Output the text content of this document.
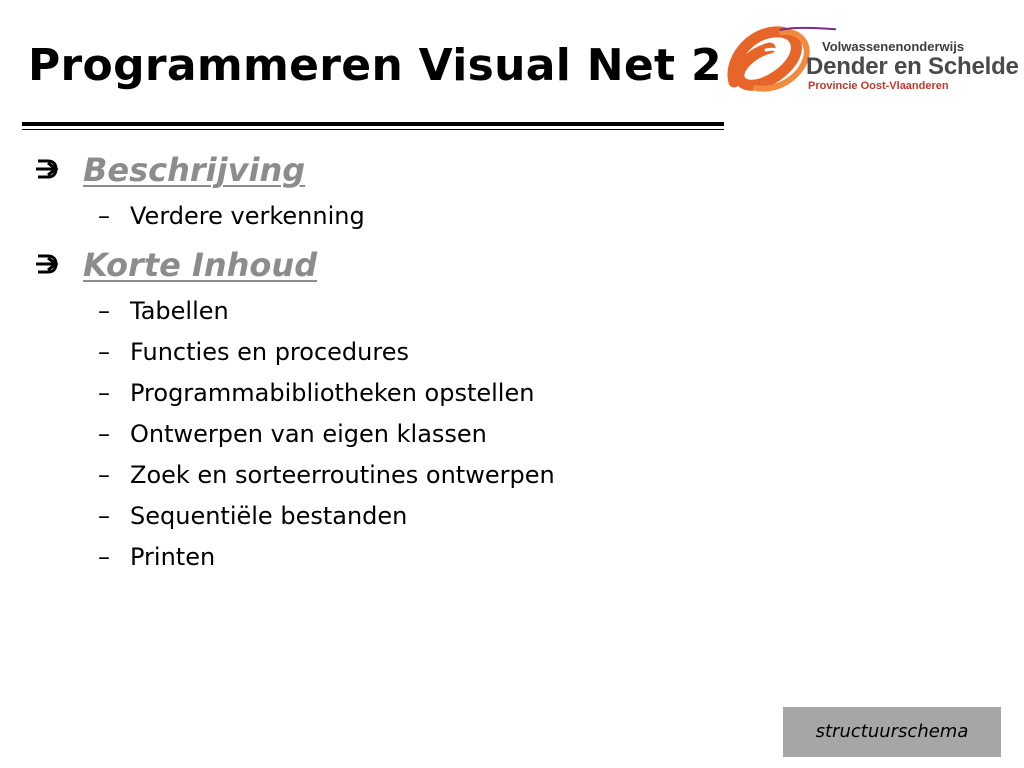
Programmeren Visual Net 2	Volwassenenonderwijs
Dender en Schelde
Provincie Oost-Vlaanderen
Beschrijving
– Verdere verkenning
Korte Inhoud
– Tabellen
– Functies en procedures
– Programmabibliotheken opstellen
– Ontwerpen van eigen klassen
– Zoek en sorteerroutines ontwerpen
– Sequentiële bestanden
– Printen
structuurschema
